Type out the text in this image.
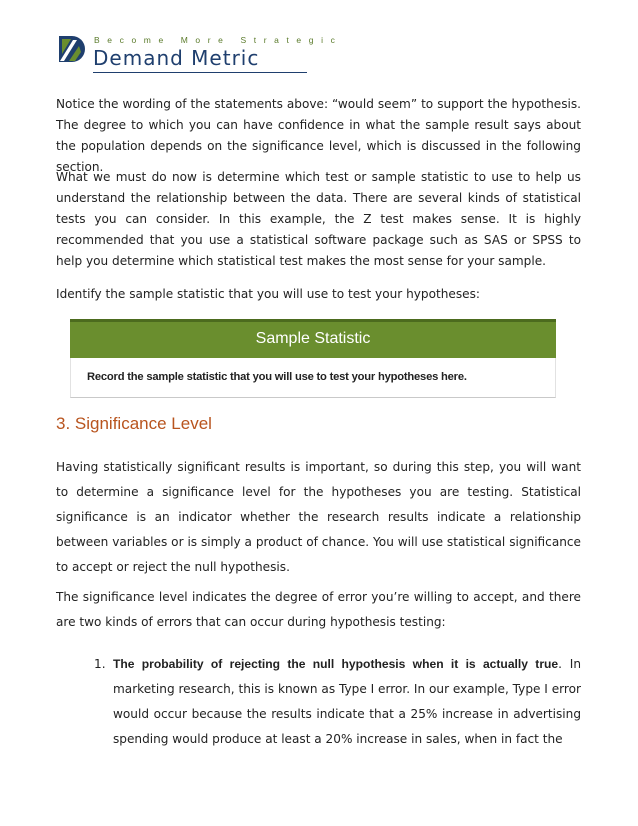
Become More Strategic
Demand Metric

Notice the wording of the statements above: “would seem” to support the hypothesis. The degree to which you can have confidence in what the sample result says about the population depends on the significance level, which is discussed in the following section.

What we must do now is determine which test or sample statistic to use to help us understand the relationship between the data. There are several kinds of statistical tests you can consider. In this example, the Z test makes sense. It is highly recommended that you use a statistical software package such as SAS or SPSS to help you determine which statistical test makes the most sense for your sample.

Identify the sample statistic that you will use to test your hypotheses:

Sample Statistic
Record the sample statistic that you will use to test your hypotheses here.
3. Significance Level

Having statistically significant results is important, so during this step, you will want to determine a significance level for the hypotheses you are testing. Statistical significance is an indicator whether the research results indicate a relationship between variables or is simply a product of chance. You will use statistical significance to accept or reject the null hypothesis.

The significance level indicates the degree of error you’re willing to accept, and there are two kinds of errors that can occur during hypothesis testing:

1. The probability of rejecting the null hypothesis when it is actually true. In marketing research, this is known as Type I error. In our example, Type I error would occur because the results indicate that a 25% increase in advertising spending would produce at least a 20% increase in sales, when in fact the
